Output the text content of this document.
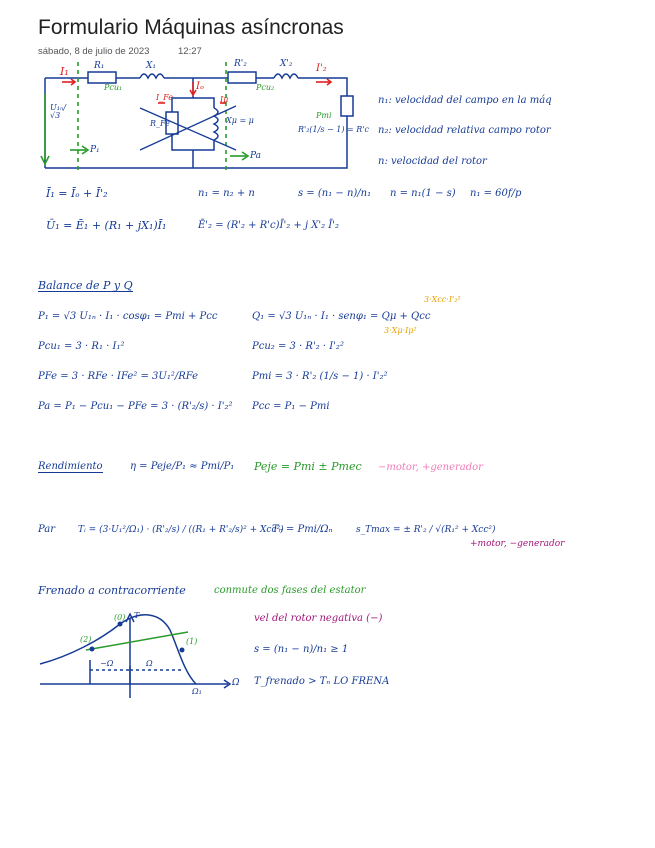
Formulario Máquinas asíncronas
sábado, 8 de julio de 2023	12:27
I₁	R₁	X₁
Iₒ
R'₂	X'₂ I'₂
U₁ₙ/√3
Pcu₁	Pcu₂
I_Fe	Iμ
R_Fe	Xμ = μ
Pmi
R'₂(1/s − 1) = R'c
P₁
Pa
n₁: velocidad del campo en la máq
n₂: velocidad relativa campo rotor
n: velocidad del rotor
Ī₁ = Īₒ + Ī'₂	n₁ = n₂ + n	s = (n₁ − n)/n₁ n = n₁(1 − s) n₁ = 60f/p
Ū₁ = Ē₁ + (R₁ + jX₁)Ī₁	Ē'₂ = (R'₂ + R'c)Ī'₂ + j X'₂ Ī'₂
Balance de P y Q
3·Xcc·I'₂²
P₁ = √3 U₁ₙ · I₁ · cosφ₁ = Pmi + Pcc	Q₁ = √3 U₁ₙ · I₁ · senφ₁ = Qμ + Qcc
3·Xμ·Iμ²
Pcu₁ = 3 · R₁ · I₁²	Pcu₂ = 3 · R'₂ · I'₂²
PFe = 3 · RFe · IFe² = 3U₁²/RFe	Pmi = 3 · R'₂ (1/s − 1) · I'₂²
Pa = P₁ − Pcu₁ − PFe = 3 · (R'₂/s) · I'₂² Pcc = P₁ − Pmi
Rendimiento	η = Peje/P₁ ≈ Pmi/P₁ Peje = Pmi ± Pmec −motor, +generador
Par	Tᵢ = (3·U₁²/Ω₁) · (R'₂/s) / ((R₁ + R'₂/s)² + Xcc²)
Tₙ = Pmi/Ωₙ	s_Tmax = ± R'₂ / √(R₁² + Xcc²)
+motor, −generador
Frenado a contracorriente	conmute dos fases del estator
vel del rotor negativa (−)
s = (n₁ − n)/n₁ ≥ 1
T_frenado > Tₙ LO FRENA
T
Ω
Ω₁
−Ω	Ω
(0)
(1)
(2)
